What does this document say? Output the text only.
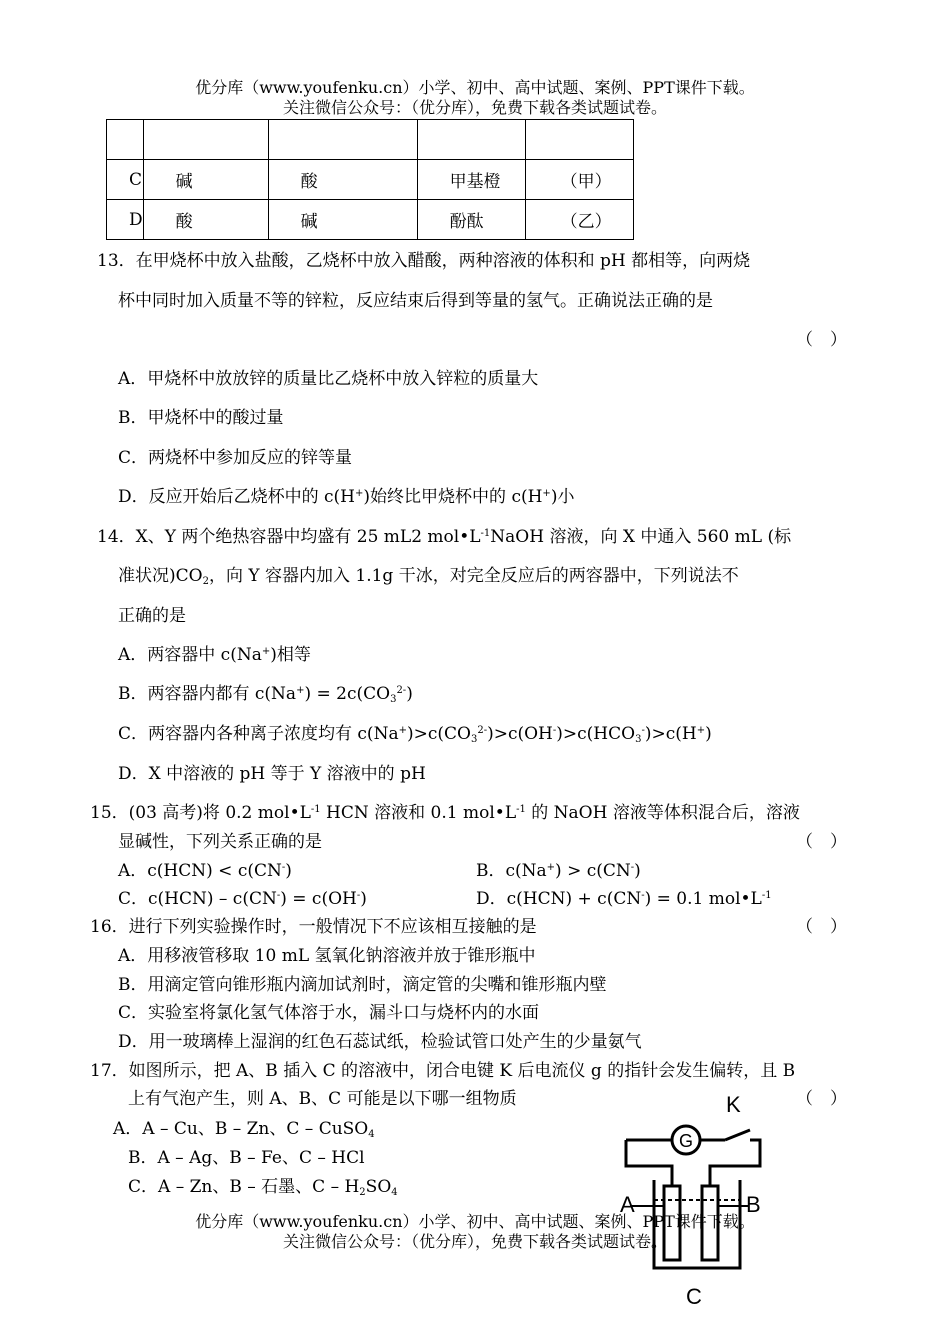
优分库（www.youfenku.cn）小学、初中、高中试题、案例、PPT课件下载。
关注微信公众号：（优分库），免费下载各类试题试卷。

C	碱	酸	甲基橙	（甲）
D	酸	碱	酚酞	（乙）
13．在甲烧杯中放入盐酸，乙烧杯中放入醋酸，两种溶液的体积和 pH 都相等，向两烧
杯中同时加入质量不等的锌粒，反应结束后得到等量的氢气。正确说法正确的是
（　）
A．甲烧杯中放放锌的质量比乙烧杯中放入锌粒的质量大
B．甲烧杯中的酸过量
C．两烧杯中参加反应的锌等量
D．反应开始后乙烧杯中的 c(H+)始终比甲烧杯中的 c(H+)小
14．X、Y 两个绝热容器中均盛有 25 mL2 $mol•L^{-1}NaOH$ 溶液，向 X 中通入 560 mL (标
准状况)$CO_2$，向 Y 容器内加入 1.1g 干冰，对完全反应后的两容器中，下列说法不
正确的是
A．两容器中 c(Na+)相等
B．两容器内都有 $c(Na^+) = 2c(CO_3^{2-})$
C．两容器内各种离子浓度均有 $c(Na^+)>c(CO_3^{2-})>c(OH^-)>c(HCO_3^-)>c(H^+)$
D．X 中溶液的 pH 等于 Y 溶液中的 pH
15．(03 高考)将 0.2 $mol•L^{-1}$ HCN 溶液和 0.1 $mol•L^{-1}$ 的 NaOH 溶液等体积混合后，溶液
显碱性，下列关系正确的是	（　）
A．c(HCN) < c(CN-)	B．c(Na+) > c(CN-)
C．c(HCN) – c(CN-) = c(OH-)	D．c(HCN) + c(CN-) = 0.1 $mol•L^{-1}$
16．进行下列实验操作时，一般情况下不应该相互接触的是	（　）
A．用移液管移取 10 mL 氢氧化钠溶液并放于锥形瓶中
B．用滴定管向锥形瓶内滴加试剂时，滴定管的尖嘴和锥形瓶内壁
C．实验室将氯化氢气体溶于水，漏斗口与烧杯内的水面
D．用一玻璃棒上湿润的红色石蕊试纸，检验试管口处产生的少量氨气
17．如图所示，把 A、B 插入 C 的溶液中，闭合电键 K 后电流仪 g 的指针会发生偏转，且 B
上有气泡产生，则 A、B、C 可能是以下哪一组物质	（　）
A．A – Cu、B – Zn、C – CuSO$_4$
B．A – Ag、B – Fe、C – HCl
C．A – Zn、B – 石墨、C – $H_2SO_4$
K
G
A	B
C
优分库（www.youfenku.cn）小学、初中、高中试题、案例、PPT课件下载。
关注微信公众号：（优分库），免费下载各类试题试卷。
